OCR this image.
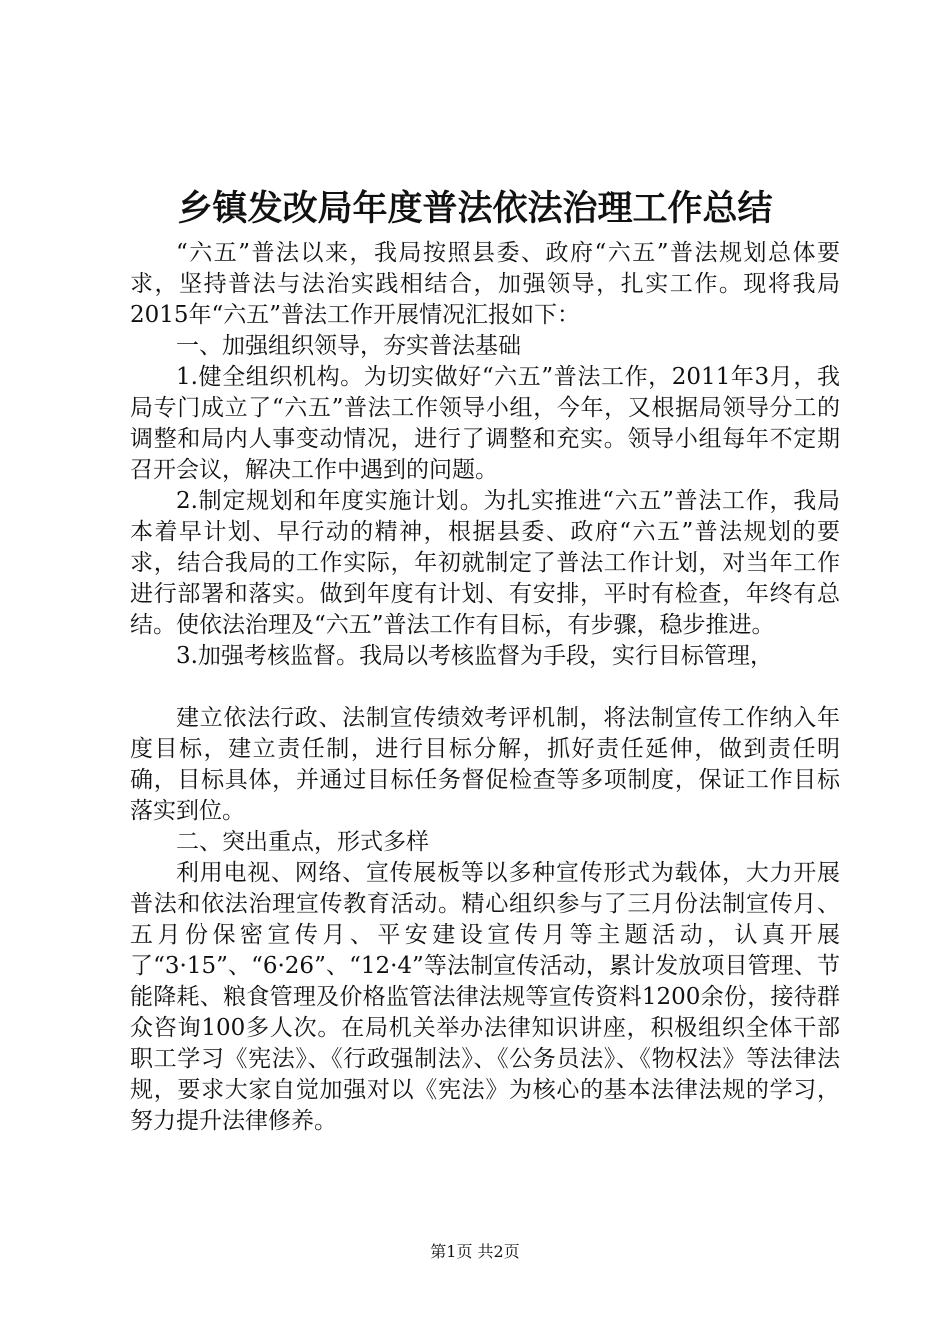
乡镇发改局年度普法依法治理工作总结

“六五”普法以来，我局按照县委、政府“六五”普法规划总体要求，坚持普法与法治实践相结合，加强领导，扎实工作。现将我局2015年“六五”普法工作开展情况汇报如下：

一、加强组织领导，夯实普法基础

1.健全组织机构。为切实做好“六五”普法工作，2011年3月，我局专门成立了“六五”普法工作领导小组，今年，又根据局领导分工的调整和局内人事变动情况，进行了调整和充实。领导小组每年不定期召开会议，解决工作中遇到的问题。

2.制定规划和年度实施计划。为扎实推进“六五”普法工作，我局本着早计划、早行动的精神，根据县委、政府“六五”普法规划的要求，结合我局的工作实际，年初就制定了普法工作计划，对当年工作进行部署和落实。做到年度有计划、有安排，平时有检查，年终有总结。使依法治理及“六五”普法工作有目标，有步骤，稳步推进。

3.加强考核监督。我局以考核监督为手段，实行目标管理，

建立依法行政、法制宣传绩效考评机制，将法制宣传工作纳入年度目标，建立责任制，进行目标分解，抓好责任延伸，做到责任明确，目标具体，并通过目标任务督促检查等多项制度，保证工作目标落实到位。

二、突出重点，形式多样

利用电视、网络、宣传展板等以多种宣传形式为载体，大力开展普法和依法治理宣传教育活动。精心组织参与了三月份法制宣传月、五月份保密宣传月、平安建设宣传月等主题活动，认真开展了“3·15”、“6·26”、“12·4”等法制宣传活动，累计发放项目管理、节能降耗、粮食管理及价格监管法律法规等宣传资料1200余份，接待群众咨询100多人次。在局机关举办法律知识讲座，积极组织全体干部职工学习《宪法》、《行政强制法》、《公务员法》、《物权法》等法律法规，要求大家自觉加强对以《宪法》为核心的基本法律法规的学习，努力提升法律修养。

第1页 共2页
